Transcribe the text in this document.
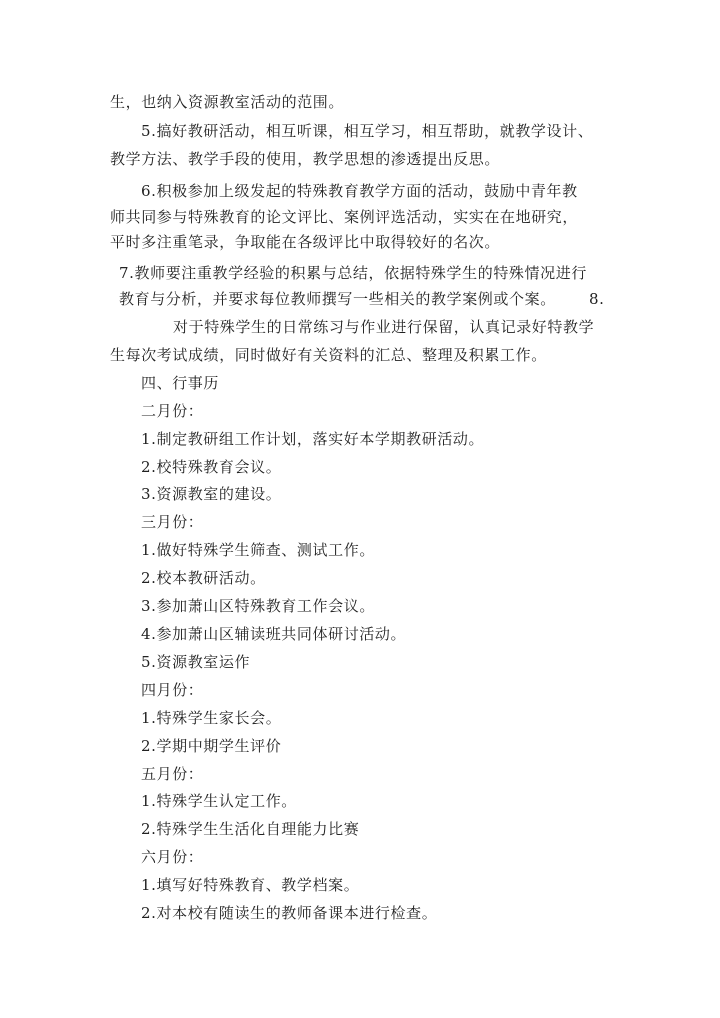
生，也纳入资源教室活动的范围。
5.搞好教研活动，相互听课，相互学习，相互帮助，就教学设计、
教学方法、教学手段的使用，教学思想的渗透提出反思。
6.积极参加上级发起的特殊教育教学方面的活动，鼓励中青年教
师共同参与特殊教育的论文评比、案例评选活动，实实在在地研究，
平时多注重笔录，争取能在各级评比中取得较好的名次。
7.教师要注重教学经验的积累与总结，依据特殊学生的特殊情况进行
教育与分析，并要求每位教师撰写一些相关的教学案例或个案。 8.
对于特殊学生的日常练习与作业进行保留，认真记录好特教学
生每次考试成绩，同时做好有关资料的汇总、整理及积累工作。
四、行事历
二月份：
1.制定教研组工作计划，落实好本学期教研活动。
2.校特殊教育会议。
3.资源教室的建设。
三月份：
1.做好特殊学生筛查、测试工作。
2.校本教研活动。
3.参加萧山区特殊教育工作会议。
4.参加萧山区辅读班共同体研讨活动。
5.资源教室运作
四月份：
1.特殊学生家长会。
2.学期中期学生评价
五月份：
1.特殊学生认定工作。
2.特殊学生生活化自理能力比赛
六月份：
1.填写好特殊教育、教学档案。
2.对本校有随读生的教师备课本进行检查。
